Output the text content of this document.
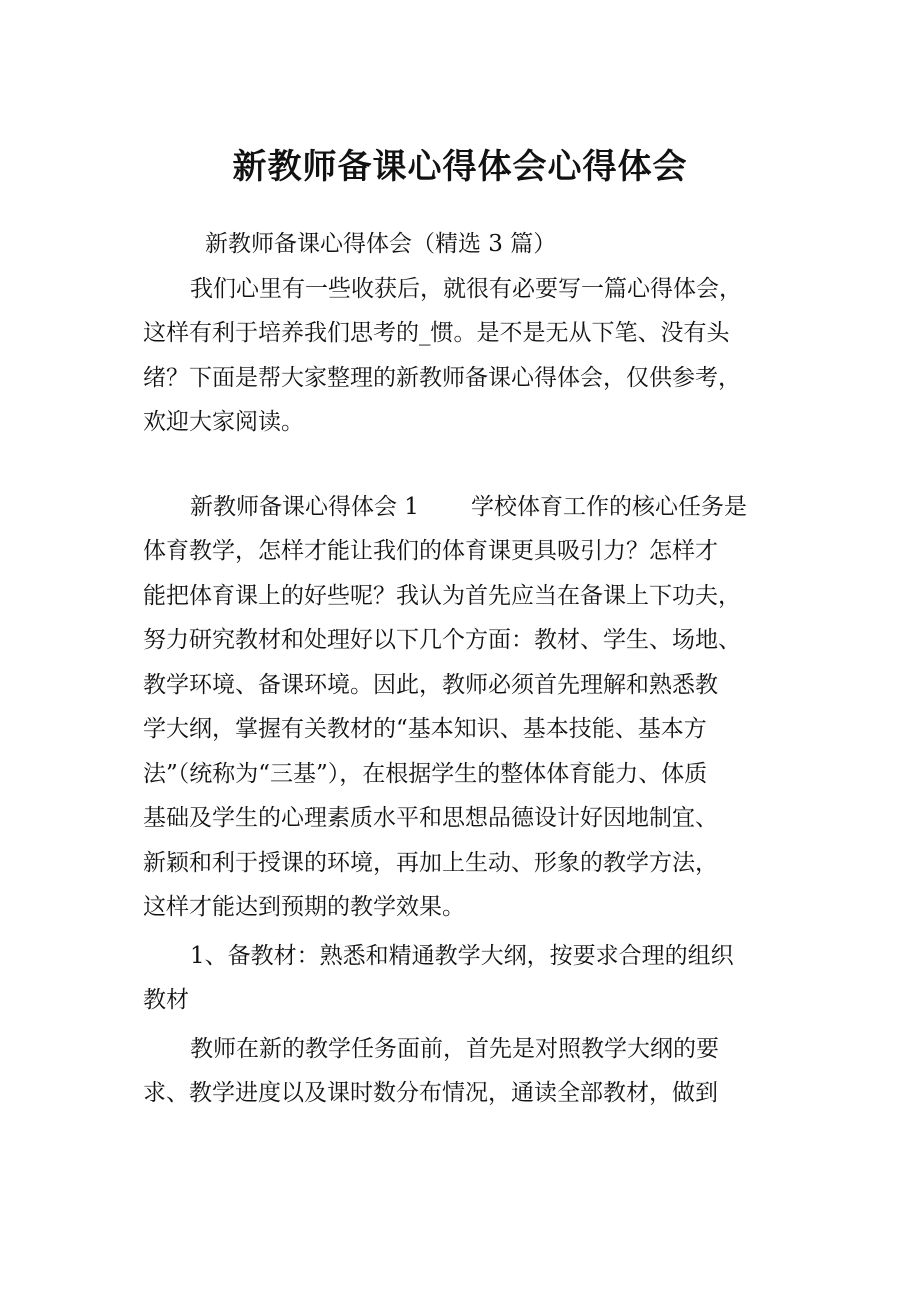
新教师备课心得体会心得体会
新教师备课心得体会（精选 3 篇）
我们心里有一些收获后，就很有必要写一篇心得体会，
这样有利于培养我们思考的_惯。是不是无从下笔、没有头
绪？下面是帮大家整理的新教师备课心得体会，仅供参考，
欢迎大家阅读。
新教师备课心得体会 1 学校体育工作的核心任务是
体育教学，怎样才能让我们的体育课更具吸引力？怎样才
能把体育课上的好些呢？我认为首先应当在备课上下功夫，
努力研究教材和处理好以下几个方面：教材、学生、场地、
教学环境、备课环境。因此，教师必须首先理解和熟悉教
学大纲，掌握有关教材的“基本知识、基本技能、基本方
法”（统称为“三基”），在根据学生的整体体育能力、体质
基础及学生的心理素质水平和思想品德设计好因地制宜、
新颖和利于授课的环境，再加上生动、形象的教学方法，
这样才能达到预期的教学效果。
1、备教材：熟悉和精通教学大纲，按要求合理的组织
教材
教师在新的教学任务面前，首先是对照教学大纲的要
求、教学进度以及课时数分布情况，通读全部教材，做到
